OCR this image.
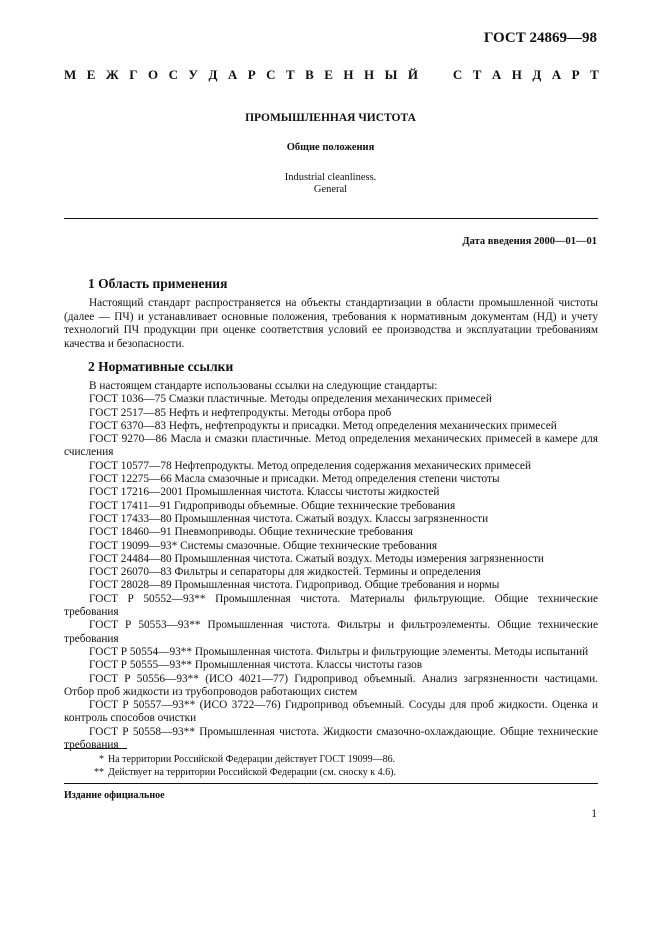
ГОСТ 24869—98
М Е Ж Г О С У Д А Р С Т В Е Н Н Ы Й	С Т А Н Д А Р Т
ПРОМЫШЛЕННАЯ ЧИСТОТА
Общие положения
Industrial cleanliness.
General
Дата введения 2000—01—01
1 Область применения

Настоящий стандарт распространяется на объекты стандартизации в области промышленной чистоты (далее — ПЧ) и устанавливает основные положения, требования к нормативным документам (НД) и учету технологий ПЧ продукции при оценке соответствия условий ее производства и эксплуатации требованиям качества и безопасности.

2 Нормативные ссылки

В настоящем стандарте использованы ссылки на следующие стандарты:

ГОСТ 1036—75 Смазки пластичные. Методы определения механических примесей

ГОСТ 2517—85 Нефть и нефтепродукты. Методы отбора проб

ГОСТ 6370—83 Нефть, нефтепродукты и присадки. Метод определения механических примесей

ГОСТ 9270—86 Масла и смазки пластичные. Метод определения механических примесей в камере для счисления

ГОСТ 10577—78 Нефтепродукты. Метод определения содержания механических примесей

ГОСТ 12275—66 Масла смазочные и присадки. Метод определения степени чистоты

ГОСТ 17216—2001 Промышленная чистота. Классы чистоты жидкостей

ГОСТ 17411—91 Гидроприводы объемные. Общие технические требования

ГОСТ 17433—80 Промышленная чистота. Сжатый воздух. Классы загрязненности

ГОСТ 18460—91 Пневмоприводы. Общие технические требования

ГОСТ 19099—93* Системы смазочные. Общие технические требования

ГОСТ 24484—80 Промышленная чистота. Сжатый воздух. Методы измерения загрязненности

ГОСТ 26070—83 Фильтры и сепараторы для жидкостей. Термины и определения

ГОСТ 28028—89 Промышленная чистота. Гидропривод. Общие требования и нормы

ГОСТ Р 50552—93** Промышленная чистота. Материалы фильтрующие. Общие технические требования

ГОСТ Р 50553—93** Промышленная чистота. Фильтры и фильтроэлементы. Общие технические требования

ГОСТ Р 50554—93** Промышленная чистота. Фильтры и фильтрующие элементы. Методы испытаний

ГОСТ Р 50555—93** Промышленная чистота. Классы чистоты газов

ГОСТ Р 50556—93** (ИСО 4021—77) Гидропривод объемный. Анализ загрязненности частицами. Отбор проб жидкости из трубопроводов работающих систем

ГОСТ Р 50557—93** (ИСО 3722—76) Гидропривод объемный. Сосуды для проб жидкости. Оценка и контроль способов очистки

ГОСТ Р 50558—93** Промышленная чистота. Жидкости смазочно-охлаждающие. Общие технические требования

* На территории Российской Федерации действует ГОСТ 19099—86.

** Действует на территории Российской Федерации (см. сноску к 4.6).

Издание официальное
1
